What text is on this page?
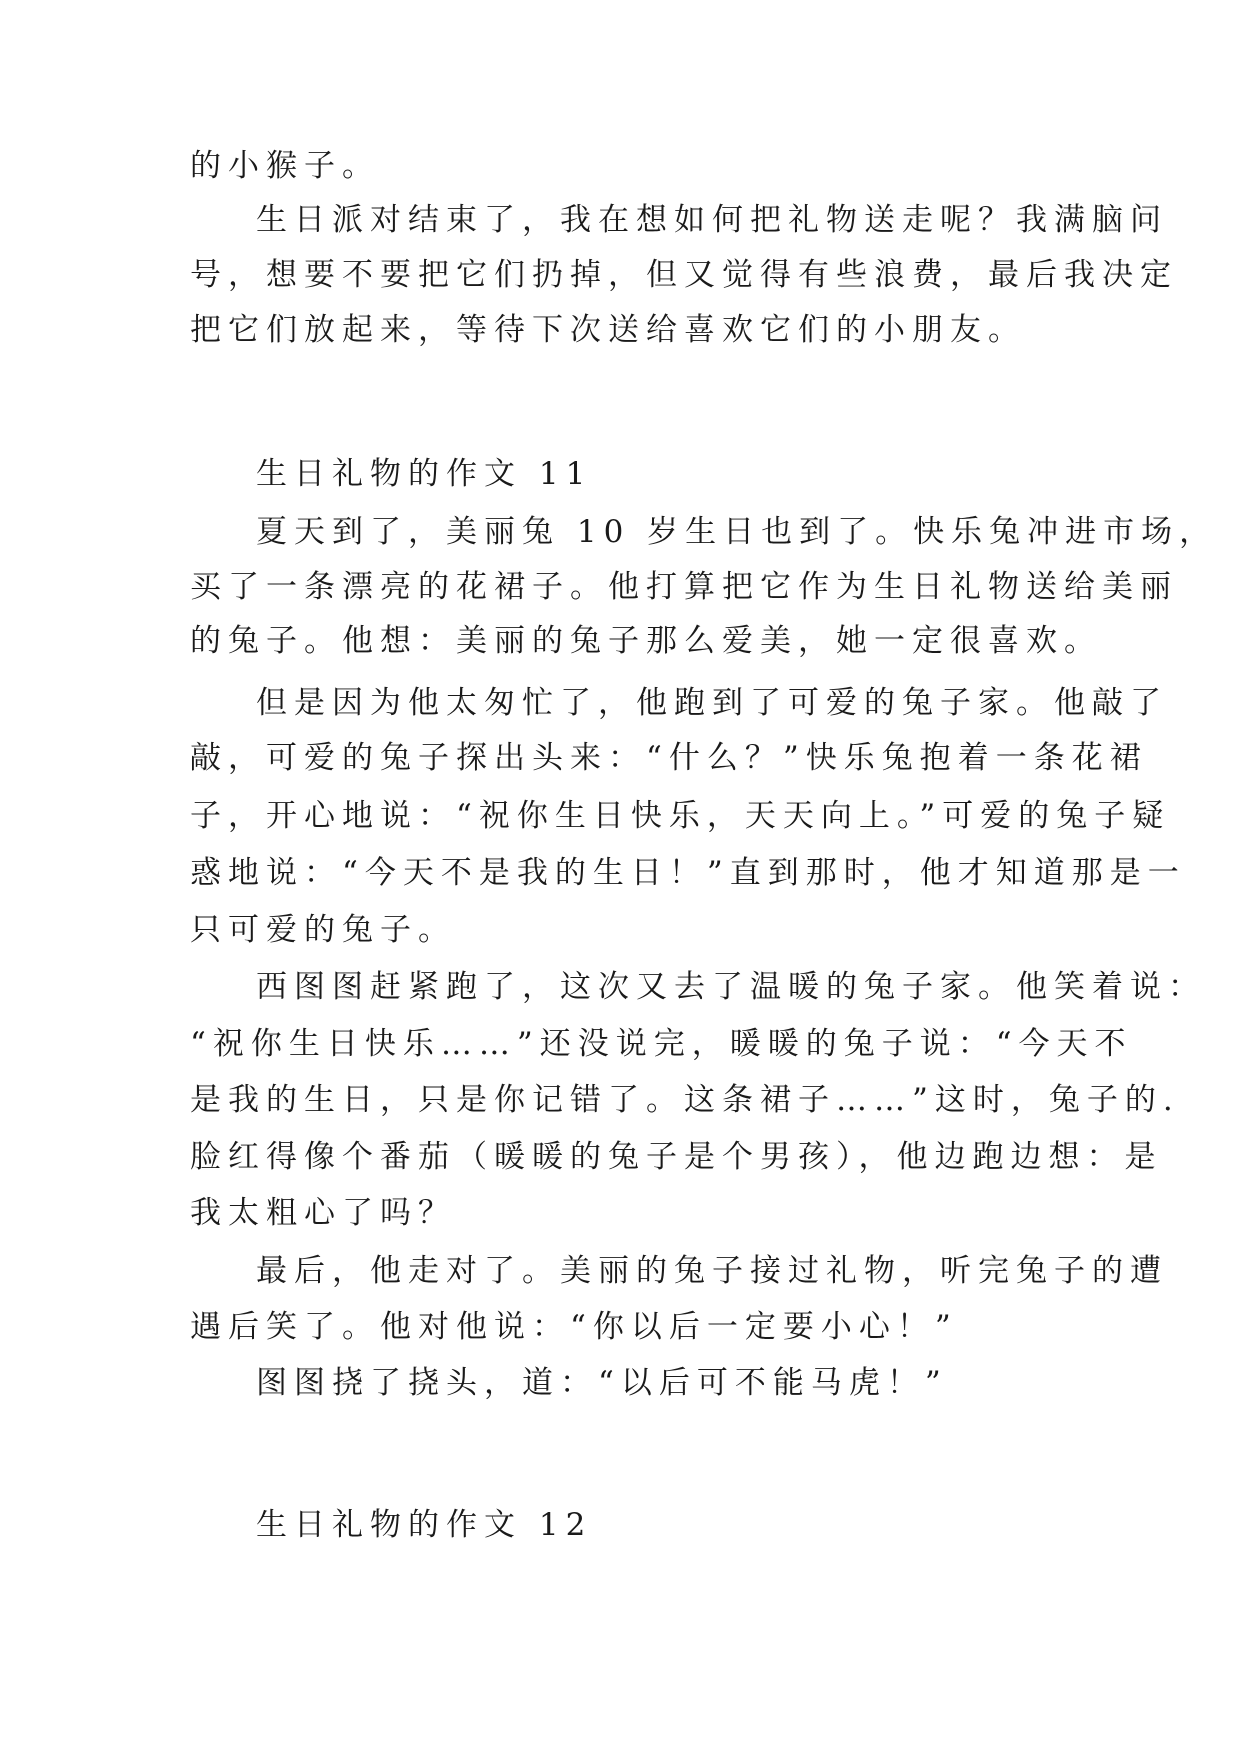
的小猴子。
生日派对结束了，我在想如何把礼物送走呢？我满脑问
号，想要不要把它们扔掉，但又觉得有些浪费，最后我决定
把它们放起来，等待下次送给喜欢它们的小朋友。
生日礼物的作文 11
夏天到了，美丽兔 10 岁生日也到了。快乐兔冲进市场，
买了一条漂亮的花裙子。他打算把它作为生日礼物送给美丽
的兔子。他想：美丽的兔子那么爱美，她一定很喜欢。
但是因为他太匆忙了，他跑到了可爱的兔子家。他敲了
敲，可爱的兔子探出头来：“什么？”快乐兔抱着一条花裙
子，开心地说：“祝你生日快乐，天天向上。”可爱的兔子疑
惑地说：“今天不是我的生日！”直到那时，他才知道那是一
只可爱的兔子。
西图图赶紧跑了，这次又去了温暖的兔子家。他笑着说：
“祝你生日快乐……”还没说完，暖暖的兔子说：“今天不
是我的生日，只是你记错了。这条裙子……”这时，兔子的.
脸红得像个番茄（暖暖的兔子是个男孩），他边跑边想：是
我太粗心了吗？
最后，他走对了。美丽的兔子接过礼物，听完兔子的遭
遇后笑了。他对他说：“你以后一定要小心！”
图图挠了挠头，道：“以后可不能马虎！”
生日礼物的作文 12
